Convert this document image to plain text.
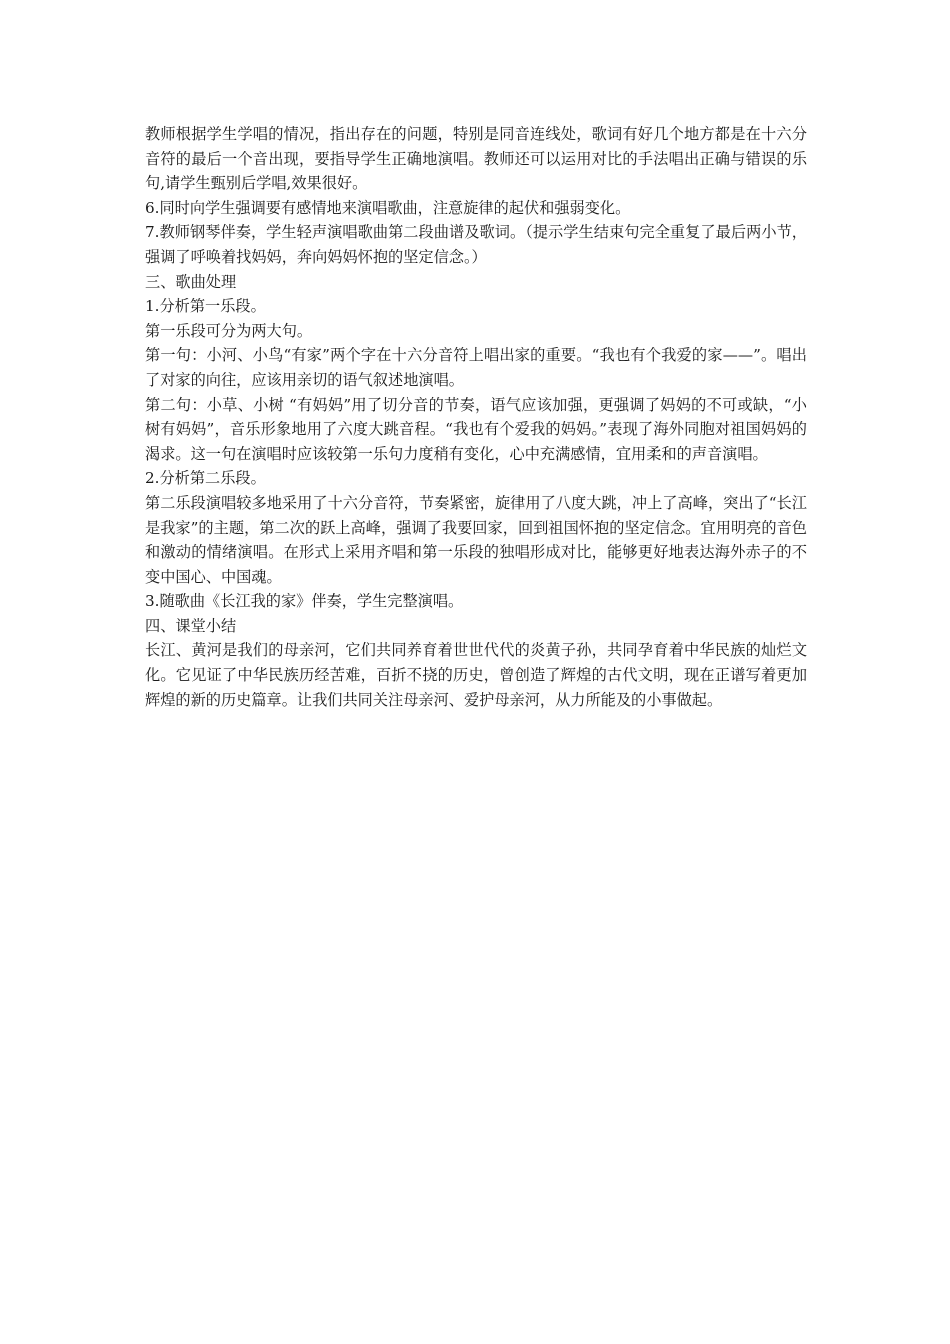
教师根据学生学唱的情况，指出存在的问题，特别是同音连线处，歌词有好几个地方都是在十六分音符的最后一个音出现，要指导学生正确地演唱。教师还可以运用对比的手法唱出正确与错误的乐句,请学生甄别后学唱,效果很好。

6.同时向学生强调要有感情地来演唱歌曲，注意旋律的起伏和强弱变化。

7.教师钢琴伴奏，学生轻声演唱歌曲第二段曲谱及歌词。（提示学生结束句完全重复了最后两小节，强调了呼唤着找妈妈，奔向妈妈怀抱的坚定信念。）

三、歌曲处理

1.分析第一乐段。

第一乐段可分为两大句。

第一句：小河、小鸟“有家”两个字在十六分音符上唱出家的重要。“我也有个我爱的家——”。唱出了对家的向往，应该用亲切的语气叙述地演唱。

第二句：小草、小树 “有妈妈”用了切分音的节奏，语气应该加强，更强调了妈妈的不可或缺，“小树有妈妈”，音乐形象地用了六度大跳音程。“我也有个爱我的妈妈。”表现了海外同胞对祖国妈妈的渴求。这一句在演唱时应该较第一乐句力度稍有变化，心中充满感情，宜用柔和的声音演唱。

2.分析第二乐段。

第二乐段演唱较多地采用了十六分音符，节奏紧密，旋律用了八度大跳，冲上了高峰，突出了“长江是我家”的主题，第二次的跃上高峰，强调了我要回家，回到祖国怀抱的坚定信念。宜用明亮的音色和激动的情绪演唱。在形式上采用齐唱和第一乐段的独唱形成对比，能够更好地表达海外赤子的不变中国心、中国魂。

3.随歌曲《长江我的家》伴奏，学生完整演唱。

四、课堂小结

长江、黄河是我们的母亲河，它们共同养育着世世代代的炎黄子孙，共同孕育着中华民族的灿烂文化。它见证了中华民族历经苦难，百折不挠的历史，曾创造了辉煌的古代文明，现在正谱写着更加辉煌的新的历史篇章。让我们共同关注母亲河、爱护母亲河，从力所能及的小事做起。
